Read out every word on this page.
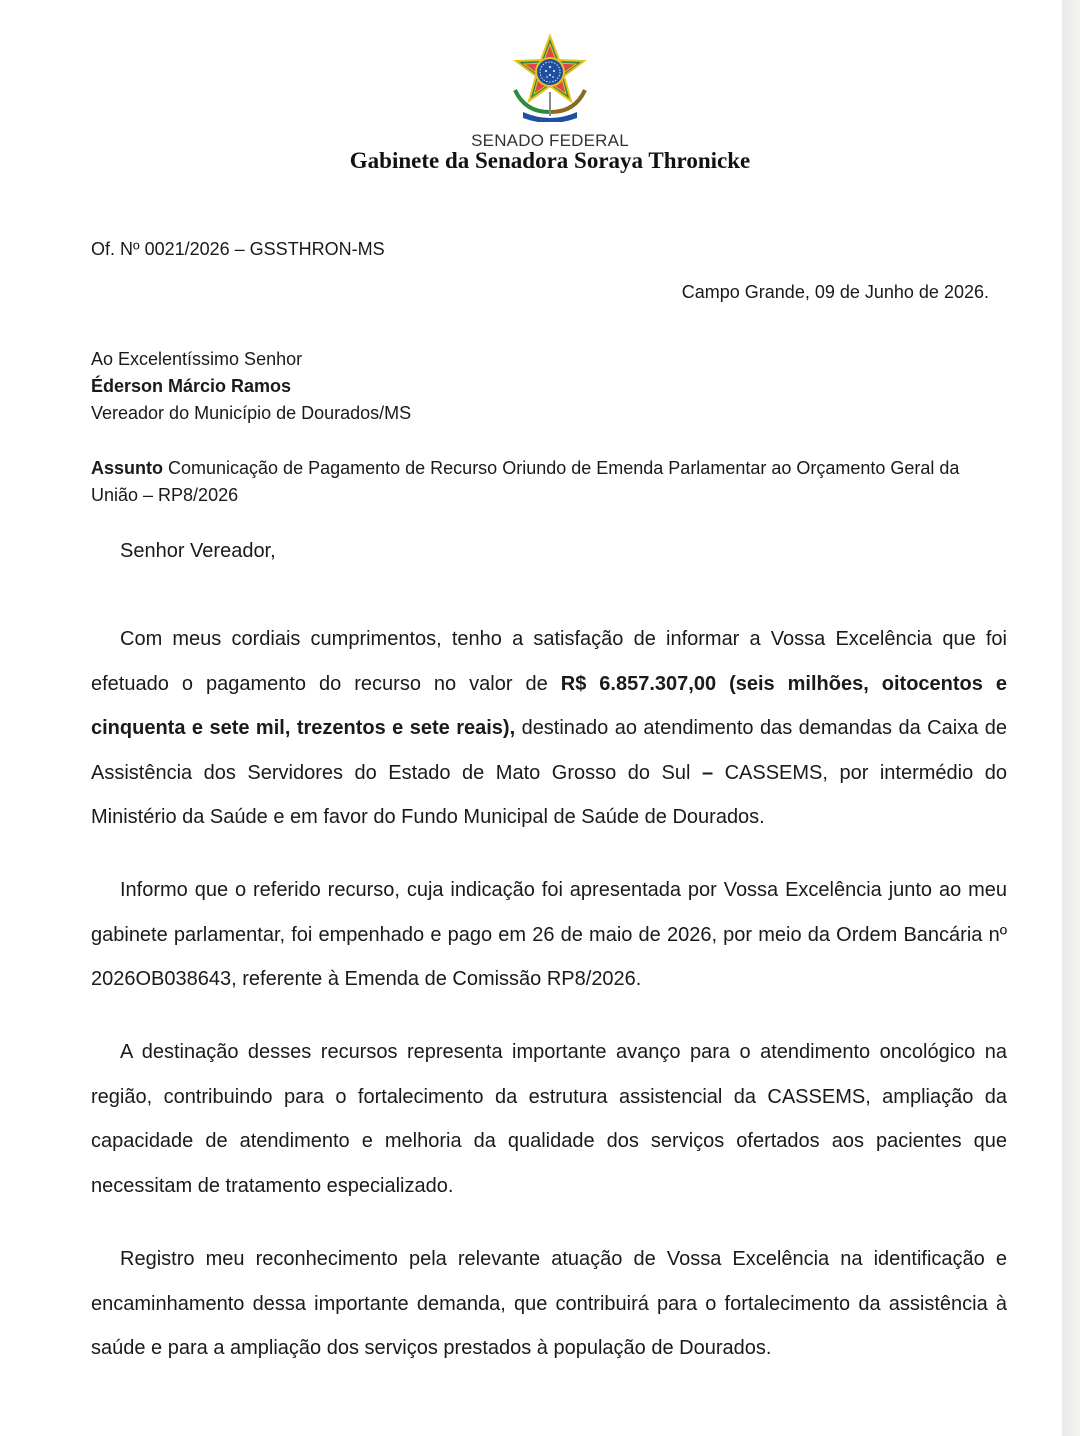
SENADO FEDERAL
Gabinete da Senadora Soraya Thronicke
Of. Nº 0021/2026 – GSSTHRON-MS
Campo Grande, 09 de Junho de 2026.
Ao Excelentíssimo Senhor
Éderson Márcio Ramos
Vereador do Município de Dourados/MS
Assunto Comunicação de Pagamento de Recurso Oriundo de Emenda Parlamentar ao Orçamento Geral da União – RP8/2026
Senhor Vereador,

Com meus cordiais cumprimentos, tenho a satisfação de informar a Vossa Excelência que foi efetuado o pagamento do recurso no valor de R$ 6.857.307,00 (seis milhões, oitocentos e cinquenta e sete mil, trezentos e sete reais), destinado ao atendimento das demandas da Caixa de Assistência dos Servidores do Estado de Mato Grosso do Sul – CASSEMS, por intermédio do Ministério da Saúde e em favor do Fundo Municipal de Saúde de Dourados.

Informo que o referido recurso, cuja indicação foi apresentada por Vossa Excelência junto ao meu gabinete parlamentar, foi empenhado e pago em 26 de maio de 2026, por meio da Ordem Bancária nº 2026OB038643, referente à Emenda de Comissão RP8/2026.

A destinação desses recursos representa importante avanço para o atendimento oncológico na região, contribuindo para o fortalecimento da estrutura assistencial da CASSEMS, ampliação da capacidade de atendimento e melhoria da qualidade dos serviços ofertados aos pacientes que necessitam de tratamento especializado.

Registro meu reconhecimento pela relevante atuação de Vossa Excelência na identificação e encaminhamento dessa importante demanda, que contribuirá para o fortalecimento da assistência à saúde e para a ampliação dos serviços prestados à população de Dourados.
